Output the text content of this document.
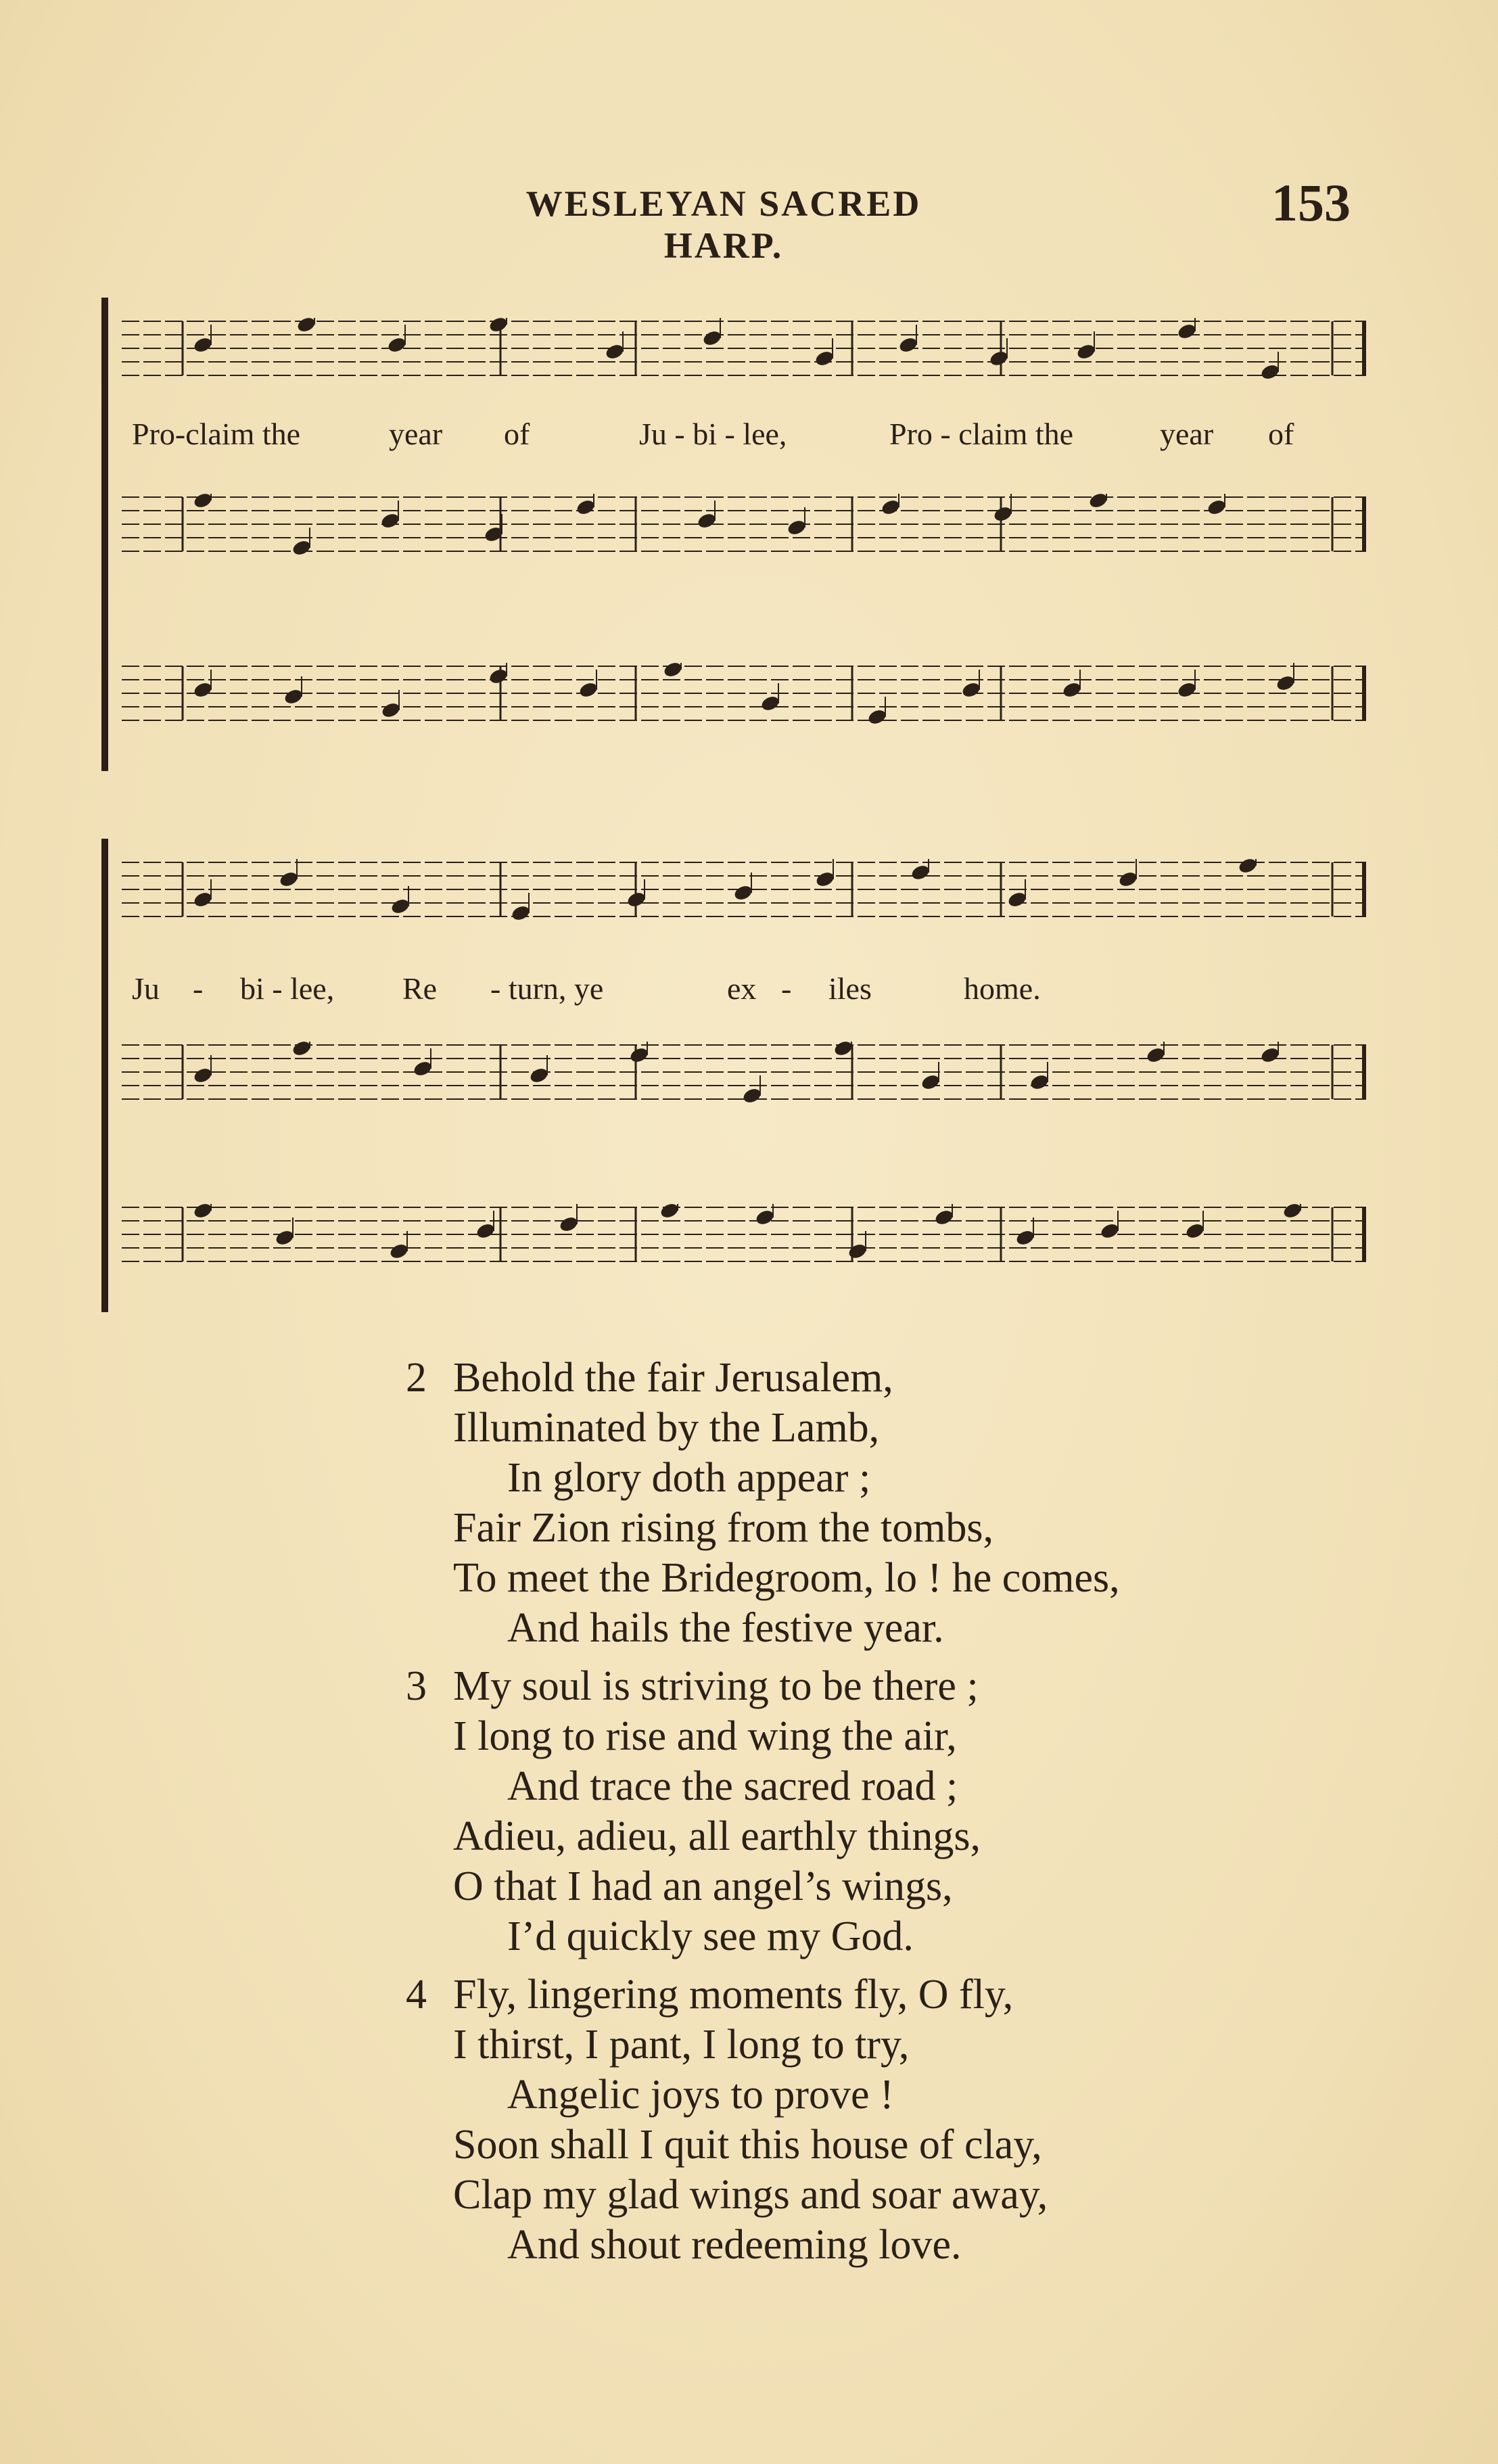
WESLEYAN SACRED HARP.
153
Pro-claim the	year	of	Ju - bi - lee,	Pro - claim the	year	of
Ju	-	bi - lee,	Re	- turn, ye	ex -	iles	home.
2 Behold the fair Jerusalem,
Illuminated by the Lamb,
In glory doth appear ;
Fair Zion rising from the tombs,
To meet the Bridegroom, lo ! he comes,
And hails the festive year.
3 My soul is striving to be there ;
I long to rise and wing the air,
And trace the sacred road ;
Adieu, adieu, all earthly things,
O that I had an angel’s wings,
I’d quickly see my God.
4 Fly, lingering moments fly, O fly,
I thirst, I pant, I long to try,
Angelic joys to prove !
Soon shall I quit this house of clay,
Clap my glad wings and soar away,
And shout redeeming love.
